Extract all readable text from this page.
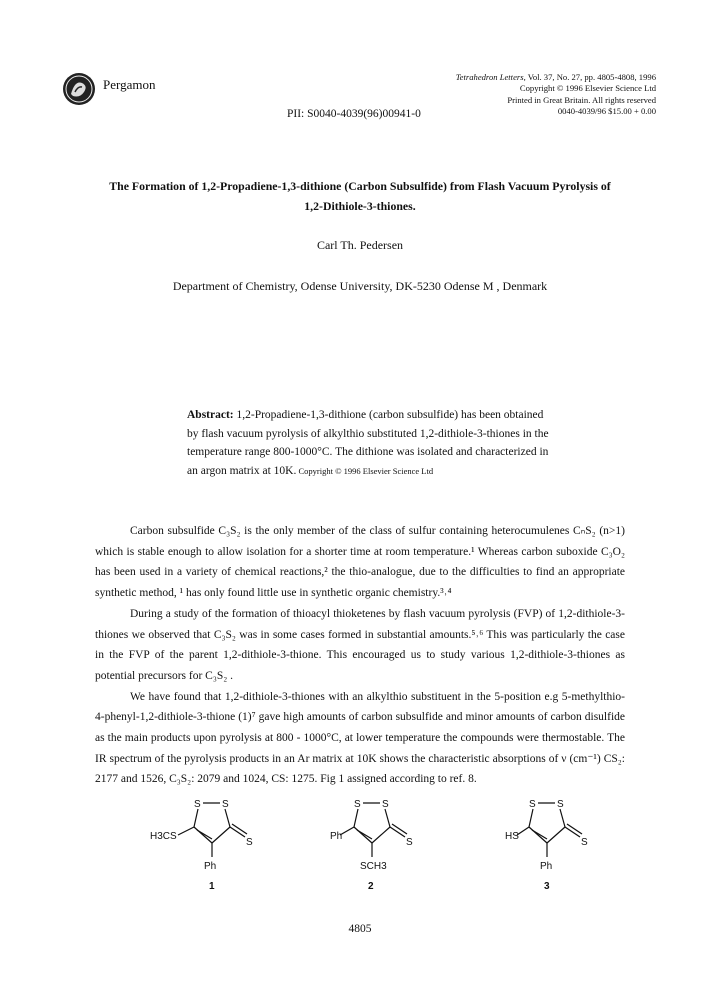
Pergamon	Tetrahedron Letters, Vol. 37, No. 27, pp. 4805-4808, 1996
Copyright © 1996 Elsevier Science Ltd
Printed in Great Britain. All rights reserved
0040-4039/96 $15.00 + 0.00
PII: S0040-4039(96)00941-0
The Formation of 1,2-Propadiene-1,3-dithione (Carbon Subsulfide) from Flash Vacuum Pyrolysis of
1,2-Dithiole-3-thiones.
Carl Th. Pedersen
Department of Chemistry, Odense University, DK-5230 Odense M , Denmark
Abstract: 1,2-Propadiene-1,3-dithione (carbon subsulfide) has been obtained by flash vacuum pyrolysis of alkylthio substituted 1,2-dithiole-3-thiones in the temperature range 800-1000°C. The dithione was isolated and characterized in an argon matrix at 10K. Copyright © 1996 Elsevier Science Ltd

Carbon subsulfide C₃S₂ is the only member of the class of sulfur containing heterocumulenes CₙS₂ (n>1) which is stable enough to allow isolation for a shorter time at room temperature.¹ Whereas carbon suboxide C₃O₂ has been used in a variety of chemical reactions,² the thio-analogue, due to the difficulties to find an appropriate synthetic method, ¹ has only found little use in synthetic organic chemistry.³˒⁴

During a study of the formation of thioacyl thioketenes by flash vacuum pyrolysis (FVP) of 1,2-dithiole-3-thiones we observed that C₃S₂ was in some cases formed in substantial amounts.⁵˒⁶ This was particularly the case in the FVP of the parent 1,2-dithiole-3-thione. This encouraged us to study various 1,2-dithiole-3-thiones as potential precursors for C₃S₂ .

We have found that 1,2-dithiole-3-thiones with an alkylthio substituent in the 5-position e.g 5-methylthio-4-phenyl-1,2-dithiole-3-thione (1)⁷ gave high amounts of carbon subsulfide and minor amounts of carbon disulfide as the main products upon pyrolysis at 800 - 1000°C, at lower temperature the compounds were thermostable. The IR spectrum of the pyrolysis products in an Ar matrix at 10K shows the characteristic absorptions of ν (cm⁻¹) CS₂: 2177 and 1526, C₃S₂: 2079 and 1024, CS: 1275. Fig 1 assigned according to ref. 8.

S S
S
H3CS
Ph
1
S S
S
Ph
SCH3
2
S S
S
HS
Ph
3
4805
